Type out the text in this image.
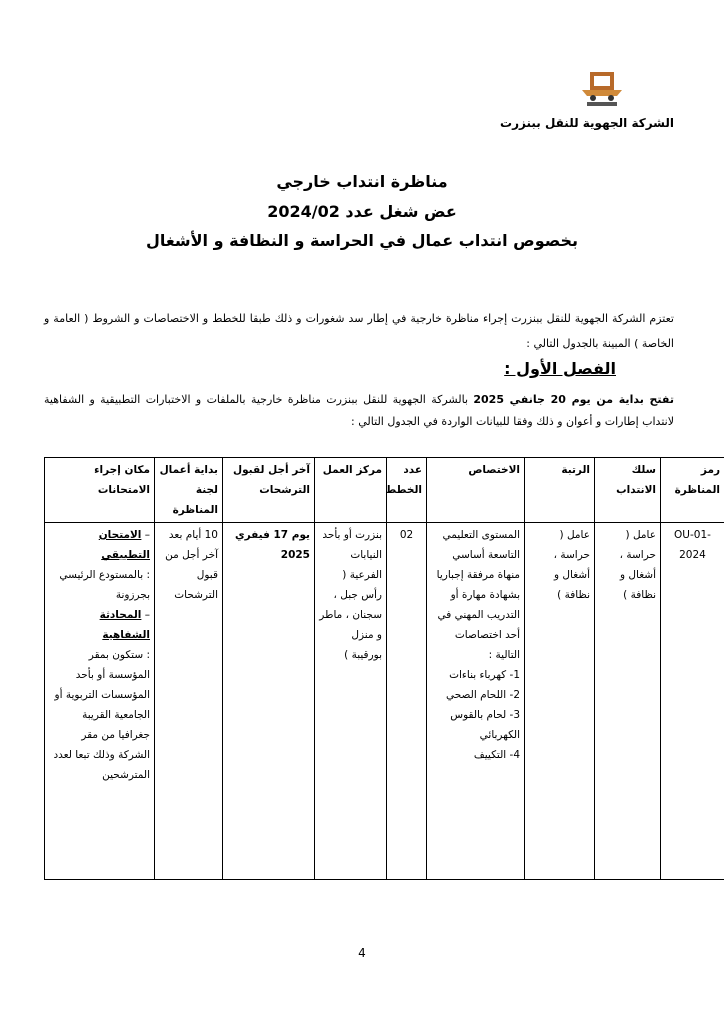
الشركة الجهوية للنقل ببنزرت
مناظرة انتداب خارجي
عض شغل عدد 2024/02
بخصوص انتداب عمال في الحراسة و النظافة و الأشغال
تعتزم الشركة الجهوية للنقل ببنزرت إجراء مناظرة خارجية في إطار سد شغورات و ذلك طبقا للخطط و الاختصاصات و الشروط ( العامة و الخاصة ) المبينة بالجدول التالي :
الفصل الأول :
تفتح بداية من يوم 20 جانفي 2025 بالشركة الجهوية للنقل ببنزرت مناظرة خارجية بالملفات و الاختبارات التطبيقية و الشفاهية لانتداب إطارات و أعوان و ذلك وفقا للبيانات الواردة في الجدول التالي :
رمز المناظرة	سلك الانتداب	الرتبة	الاختصاص	عدد الخطط	مركز العمل	آخر أجل لقبول الترشحات	بداية أعمال لجنة المناظرة	مكان إجراء الامتحانات
OU-01-2024	عامل ( حراسة ، أشغال و نظافة )	عامل ( حراسة ، أشغال و نظافة )	المستوى التعليمي التاسعة أساسي منهاة مرفقة إجباريا بشهادة مهارة أو التدريب المهني في أحد اختصاصات التالية :
1- كهرباء بناءات
2- اللحام الصحي
3- لحام بالقوس الكهربائي
4- التكييف	02	بنزرت أو بأحد النيابات الفرعية ( رأس جبل ، سجنان ، ماطر و منزل بورقيبة )	يوم 17 فيفري 2025	10 أيام بعد آخر أجل من قبول الترشحات	– الامتحان التطبيقي
: بالمستودع الرئيسي بجرزونة
– المحادثة الشفاهية
: ستكون بمقر المؤسسة أو بأحد المؤسسات التربوية أو الجامعية القريبة جغرافيا من مقر الشركة وذلك تبعا لعدد المترشحين
4
